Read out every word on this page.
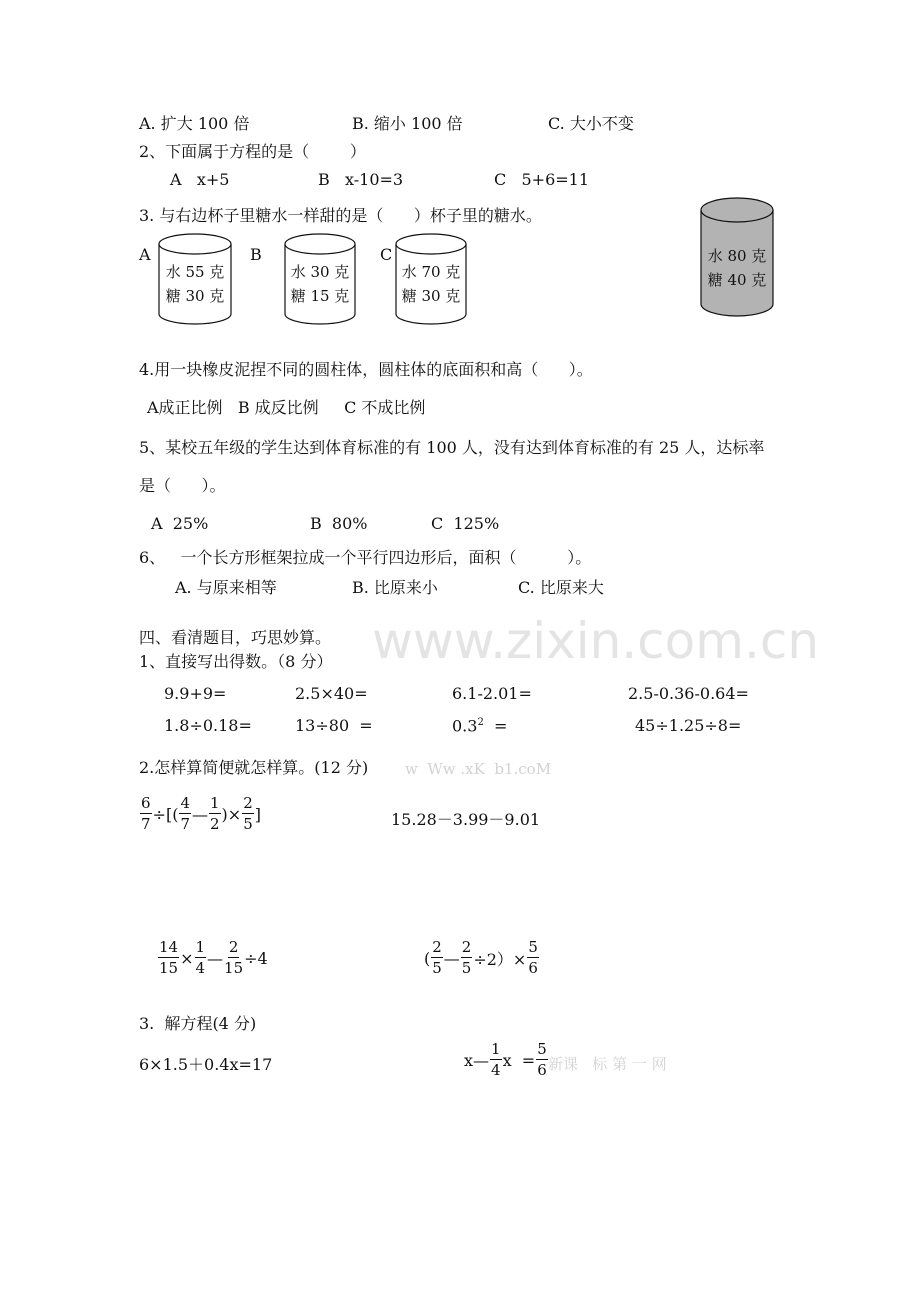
www.zixin.com.cn
A. 扩大 100 倍	B. 缩小 100 倍	C. 大小不变
2、下面属于方程的是（        ）
A   x+5	B   x-10=3	C   5+6=11
3. 与右边杯子里糖水一样甜的是（      ）杯子里的糖水。
A
水 55 克
糖 30 克
B
水 30 克
糖 15 克
C
水 70 克
糖 30 克
水 80 克
糖 40 克
4.用一块橡皮泥捏不同的圆柱体，圆柱体的底面积和高（      ）。
A成正比例   B 成反比例     C 不成比例
5、某校五年级的学生达到体育标准的有 100 人，没有达到体育标准的有 25 人，达标率
是（      ）。
A  25%	B  80%	C  125%
6、   一个长方形框架拉成一个平行四边形后，面积（          ）。
A. 与原来相等	B. 比原来小	C. 比原来大
四、看清题目，巧思妙算。
1、直接写出得数。（8 分）
9.9+9=	2.5×40=	6.1-2.01=	2.5-0.36-0.64=
1.8÷0.18=	13÷80  =	$0.3^2$  =	45÷1.25÷8=
2.怎样算简便就怎样算。(12 分) w  Ww .xK  b1.coM
$\frac{6}{7}$ ÷[( $\frac{4}{7}$ — $\frac{1}{2}$ )× $\frac{2}{5}$ ]	15.28－3.99－9.01
$\frac{14}{15} \times \frac{1}{4}$ — $\frac{2}{15} \div 4$	( $\frac{2}{5}$ — $\frac{2}{5} \div 2)\times \frac{5}{6}$
3.  解方程(4 分)
6×1.5＋0.4x=17	x— $\frac{1}{4}$ $x = \frac{5}{6}$ 新课   标 第 一 网
